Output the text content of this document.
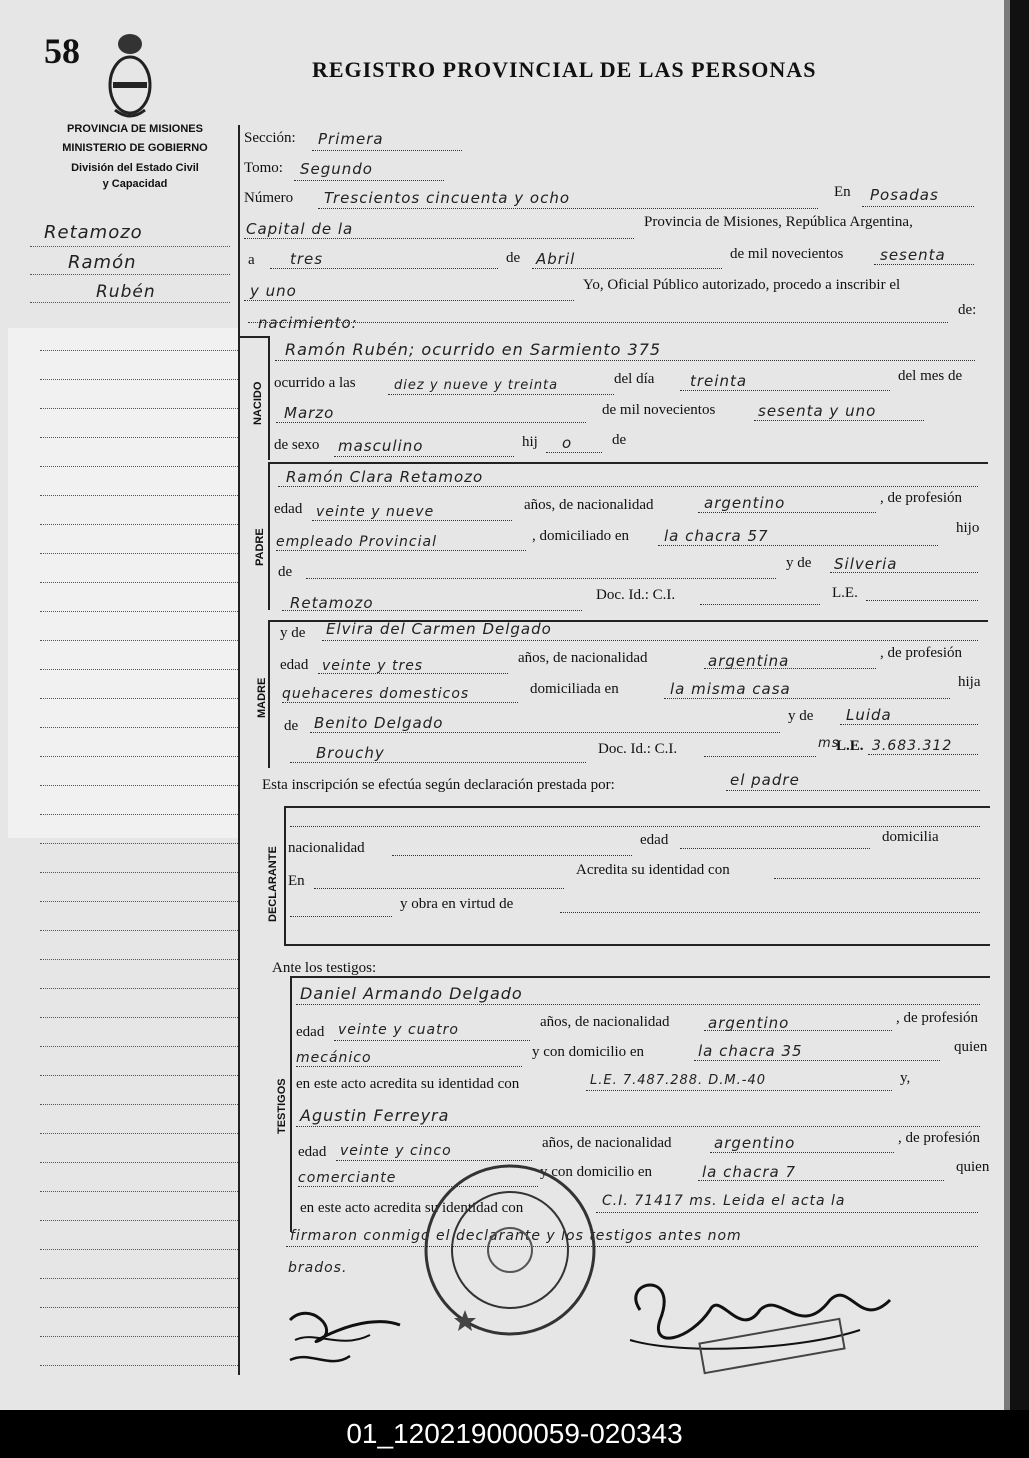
58	REGISTRO PROVINCIAL DE LAS PERSONAS
PROVINCIA DE MISIONES
MINISTERIO DE GOBIERNO
División del Estado Civil
y Capacidad
Retamozo
Ramón
Rubén
Sección: Primera
Tomo: Segundo
Número Trescientos cincuenta y ocho	En Posadas
Capital de la	Provincia de Misiones, República Argentina,
a tres	de Abril	de mil novecientos sesenta
y uno	Yo, Oficial Público autorizado, procedo a inscribir el
nacimiento:
de:
NACIDO
Ramón Rubén; ocurrido en Sarmiento 375
ocurrido a las	diez y nueve y treinta	del día treinta	del mes de
Marzo	de mil novecientos	sesenta y uno
de sexo masculino	hij o	de
PADRE
Ramón Clara Retamozo
edad veinte y nueve	años, de nacionalidad	argentino	, de profesión
empleado Provincial	, domiciliado en la chacra 57	hijo
de
y de Silveria
Retamozo	Doc. Id.: C.I.	L.E.
MADRE
y de Elvira del Carmen Delgado
edad veinte y tres	años, de nacionalidad	argentina	, de profesión
quehaceres domesticos	domiciliada en	la misma casa	hija
de Benito Delgado	y de Luida
Brouchy	Doc. Id.: C.I.	ms
L.E. 3.683.312
Esta inscripción se efectúa según declaración prestada por:	el padre
DECLARANTE nacionalidad	edad	domicilia
En
Acredita su identidad con
y obra en virtud de
Ante los testigos:
TESTIGOS
Daniel Armando Delgado
edad veinte y cuatro	años, de nacionalidad	argentino	, de profesión
mecánico	y con domicilio en	la chacra 35	quien
en este acto acredita su identidad con	L.E. 7.487.288. D.M.-40	y,
Agustin Ferreyra
edad veinte y cinco	años, de nacionalidad	argentino	, de profesión
comerciante	y con domicilio en	la chacra 7	quien
en este acto acredita su identidad con	C.I. 71417 ms. Leida el acta la
firmaron conmigo el declarante y los testigos antes nom
brados.
01_120219000059-020343
